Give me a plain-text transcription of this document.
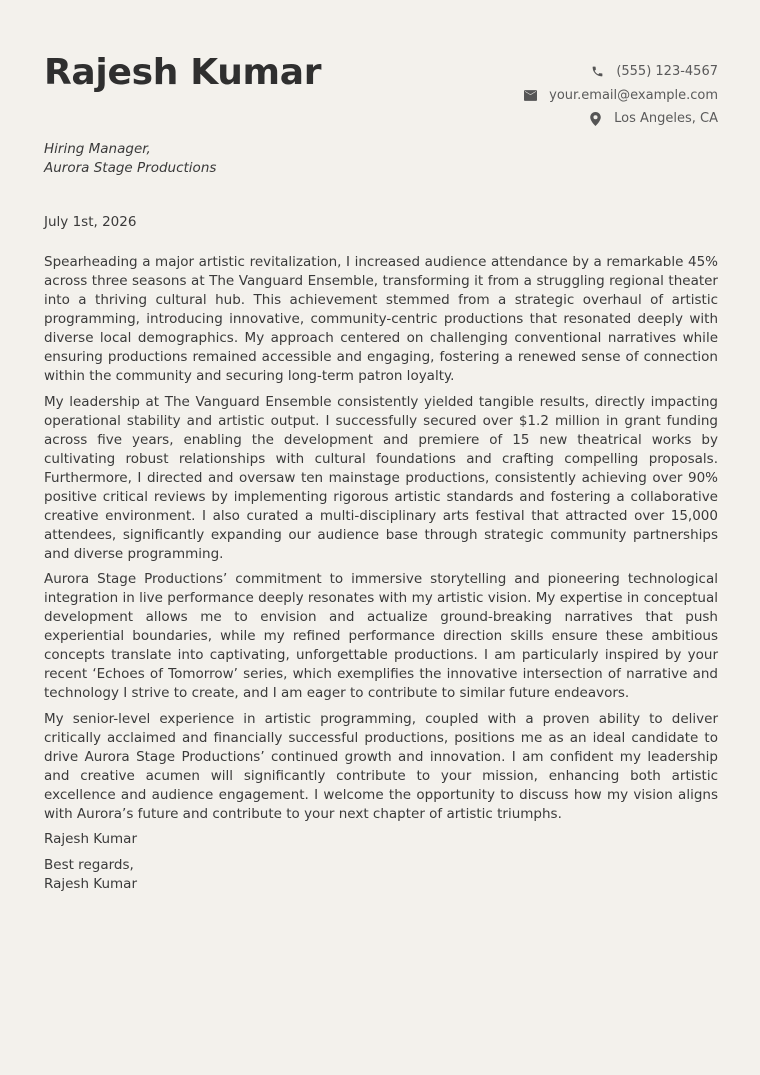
Rajesh Kumar	(555) 123-4567
your.email@example.com
Los Angeles, CA
Hiring Manager,
Aurora Stage Productions
July 1st, 2026

Spearheading a major artistic revitalization, I increased audience attendance by a remarkable 45% across three seasons at The Vanguard Ensemble, transforming it from a struggling regional theater into a thriving cultural hub. This achievement stemmed from a strategic overhaul of artistic programming, introducing innovative, community-centric productions that resonated deeply with diverse local demographics. My approach centered on challenging conventional narratives while ensuring productions remained accessible and engaging, fostering a renewed sense of connection within the community and securing long-term patron loyalty.

My leadership at The Vanguard Ensemble consistently yielded tangible results, directly impacting operational stability and artistic output. I successfully secured over $1.2 million in grant funding across five years, enabling the development and premiere of 15 new theatrical works by cultivating robust relationships with cultural foundations and crafting compelling proposals. Furthermore, I directed and oversaw ten mainstage productions, consistently achieving over 90% positive critical reviews by implementing rigorous artistic standards and fostering a collaborative creative environment. I also curated a multi-disciplinary arts festival that attracted over 15,000 attendees, significantly expanding our audience base through strategic community partnerships and diverse programming.

Aurora Stage Productions’ commitment to immersive storytelling and pioneering technological integration in live performance deeply resonates with my artistic vision. My expertise in conceptual development allows me to envision and actualize ground-breaking narratives that push experiential boundaries, while my refined performance direction skills ensure these ambitious concepts translate into captivating, unforgettable productions. I am particularly inspired by your recent ‘Echoes of Tomorrow’ series, which exemplifies the innovative intersection of narrative and technology I strive to create, and I am eager to contribute to similar future endeavors.

My senior-level experience in artistic programming, coupled with a proven ability to deliver critically acclaimed and financially successful productions, positions me as an ideal candidate to drive Aurora Stage Productions’ continued growth and innovation. I am confident my leadership and creative acumen will significantly contribute to your mission, enhancing both artistic excellence and audience engagement. I welcome the opportunity to discuss how my vision aligns with Aurora’s future and contribute to your next chapter of artistic triumphs.

Rajesh Kumar
Best regards,
Rajesh Kumar
